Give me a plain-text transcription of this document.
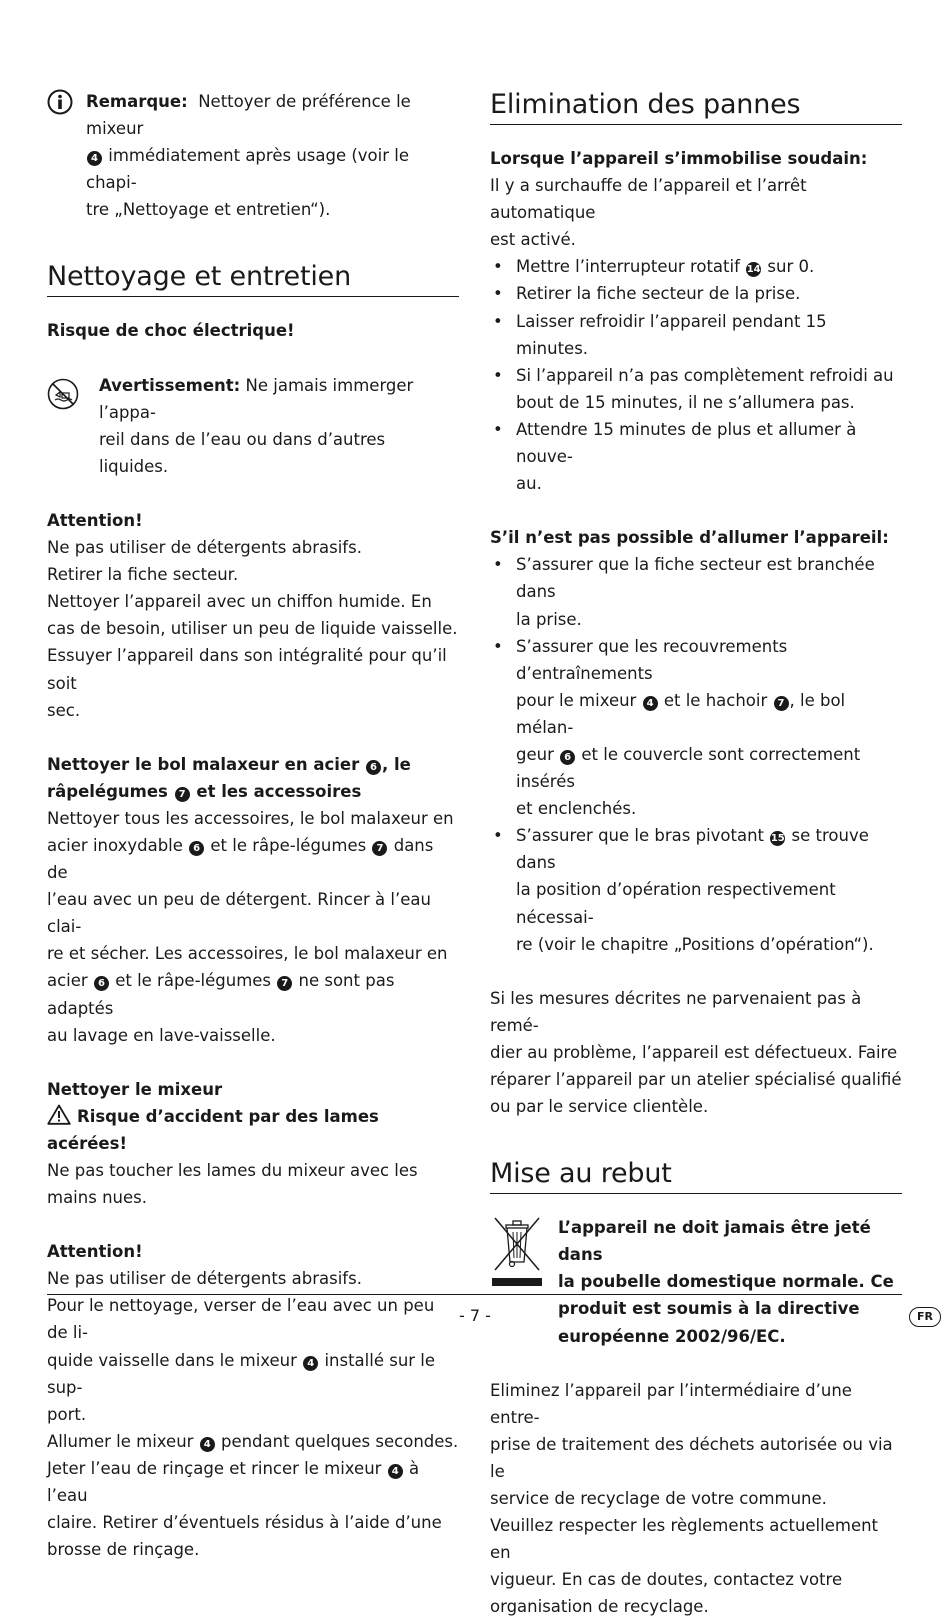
Remarque: Nettoyer de préférence le mixeur

4 immédiatement après usage (voir le chapi-

tre „Nettoyage et entretien“).

Nettoyage et entretien

Risque de choc électrique!

Avertissement: Ne jamais immerger l’appa-

reil dans de l’eau ou dans d’autres liquides.

Attention!

Ne pas utiliser de détergents abrasifs.

Retirer la fiche secteur.

Nettoyer l’appareil avec un chiffon humide. En

cas de besoin, utiliser un peu de liquide vaisselle.

Essuyer l’appareil dans son intégralité pour qu’il soit

sec.

Nettoyer le bol malaxeur en acier 6 , le

râpelégumes 7 et les accessoires

Nettoyer tous les accessoires, le bol malaxeur en

acier inoxydable 6 et le râpe-légumes 7 dans de

l’eau avec un peu de détergent. Rincer à l’eau clai-

re et sécher. Les accessoires, le bol malaxeur en

acier 6 et le râpe-légumes 7 ne sont pas adaptés

au lavage en lave-vaisselle.

Nettoyer le mixeur

Risque d’accident par des lames acérées!

Ne pas toucher les lames du mixeur avec les

mains nues.

Attention!

Ne pas utiliser de détergents abrasifs.

Pour le nettoyage, verser de l’eau avec un peu de li-

quide vaisselle dans le mixeur 4 installé sur le sup-

port.

Allumer le mixeur 4 pendant quelques secondes.

Jeter l’eau de rinçage et rincer le mixeur 4 à l’eau

claire. Retirer d’éventuels résidus à l’aide d’une

brosse de rinçage.

Elimination des pannes

Lorsque l’appareil s’immobilise soudain:

Il y a surchauffe de l’appareil et l’arrêt automatique

est activé.

• Mettre l’interrupteur rotatif 14 sur 0.
• Retirer la fiche secteur de la prise.
• Laisser refroidir l’appareil pendant 15 minutes.
• Si l’appareil n’a pas complètement refroidi au
bout de 15 minutes, il ne s’allumera pas.
• Attendre 15 minutes de plus et allumer à nouve-
au.

S’il n’est pas possible d’allumer l’appareil:

• S’assurer que la fiche secteur est branchée dans
la prise.
• S’assurer que les recouvrements d’entraînements
pour le mixeur 4 et le hachoir 7 , le bol mélan-
geur 6 et le couvercle sont correctement insérés
et enclenchés.
• S’assurer que le bras pivotant 15 se trouve dans
la position d’opération respectivement nécessai-
re (voir le chapitre „Positions d’opération“).

Si les mesures décrites ne parvenaient pas à remé-

dier au problème, l’appareil est défectueux. Faire

réparer l’appareil par un atelier spécialisé qualifié

ou par le service clientèle.

Mise au rebut

L’appareil ne doit jamais être jeté dans

la poubelle domestique normale. Ce

produit est soumis à la directive

européenne 2002/96/EC.

Eliminez l’appareil par l’intermédiaire d’une entre-

prise de traitement des déchets autorisée ou via le

service de recyclage de votre commune.

Veuillez respecter les règlements actuellement en

vigueur. En cas de doutes, contactez votre

organisation de recyclage.

- 7 -	FR
